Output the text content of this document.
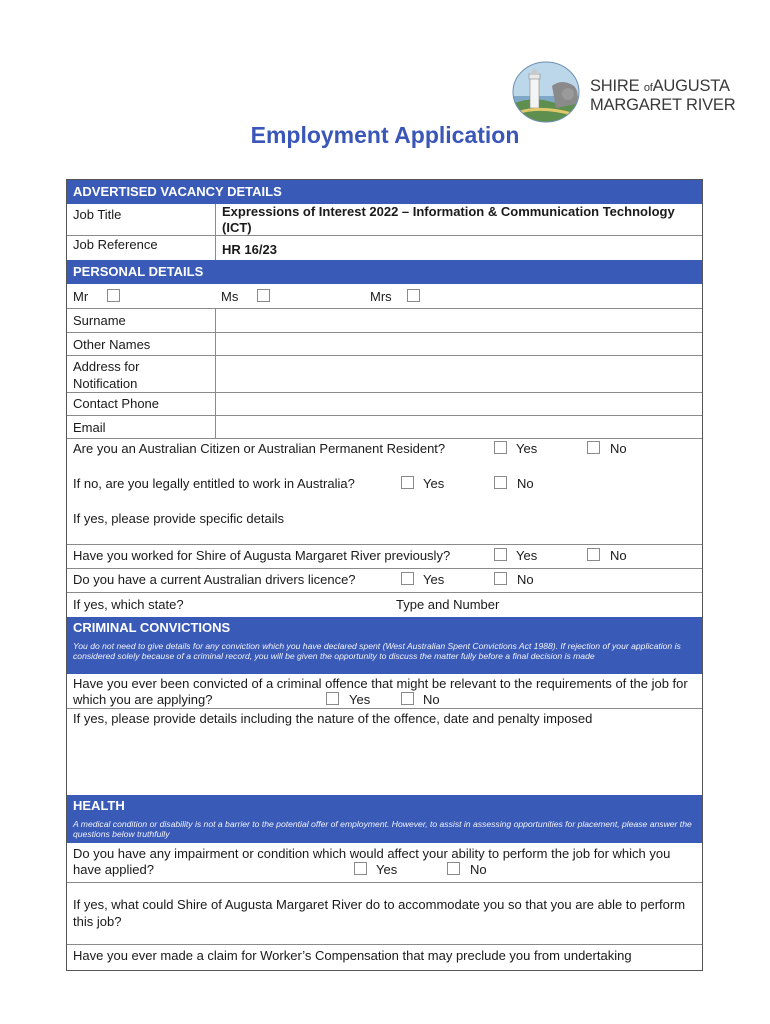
SHIRE ofAUGUSTA
MARGARET RIVER
Employment Application
ADVERTISED VACANCY DETAILS
Job Title	Expressions of Interest 2022 – Information & Communication Technology (ICT)
Job Reference	HR 16/23
PERSONAL DETAILS
Mr	Ms	Mrs
Surname
Other Names
Address for Notification
Contact Phone
Email
Are you an Australian Citizen or Australian Permanent Resident?	Yes	No
If no, are you legally entitled to work in Australia?	Yes	No
If yes, please provide specific details
Have you worked for Shire of Augusta Margaret River previously?	Yes	No
Do you have a current Australian drivers licence?	Yes	No
If yes, which state?	Type and Number
CRIMINAL CONVICTIONS
You do not need to give details for any conviction which you have declared spent (West Australian Spent Convictions Act 1988). If rejection of your application is considered solely because of a criminal record, you will be given the opportunity to discuss the matter fully before a final decision is made
Have you ever been convicted of a criminal offence that might be relevant to the requirements of the job for which you are applying?	Yes	No
If yes, please provide details including the nature of the offence, date and penalty imposed
HEALTH
A medical condition or disability is not a barrier to the potential offer of employment. However, to assist in assessing opportunities for placement, please answer the questions below truthfully
Do you have any impairment or condition which would affect your ability to perform the job for which you have applied?	Yes	No
If yes, what could Shire of Augusta Margaret River do to accommodate you so that you are able to perform this job?
Have you ever made a claim for Worker’s Compensation that may preclude you from undertaking
